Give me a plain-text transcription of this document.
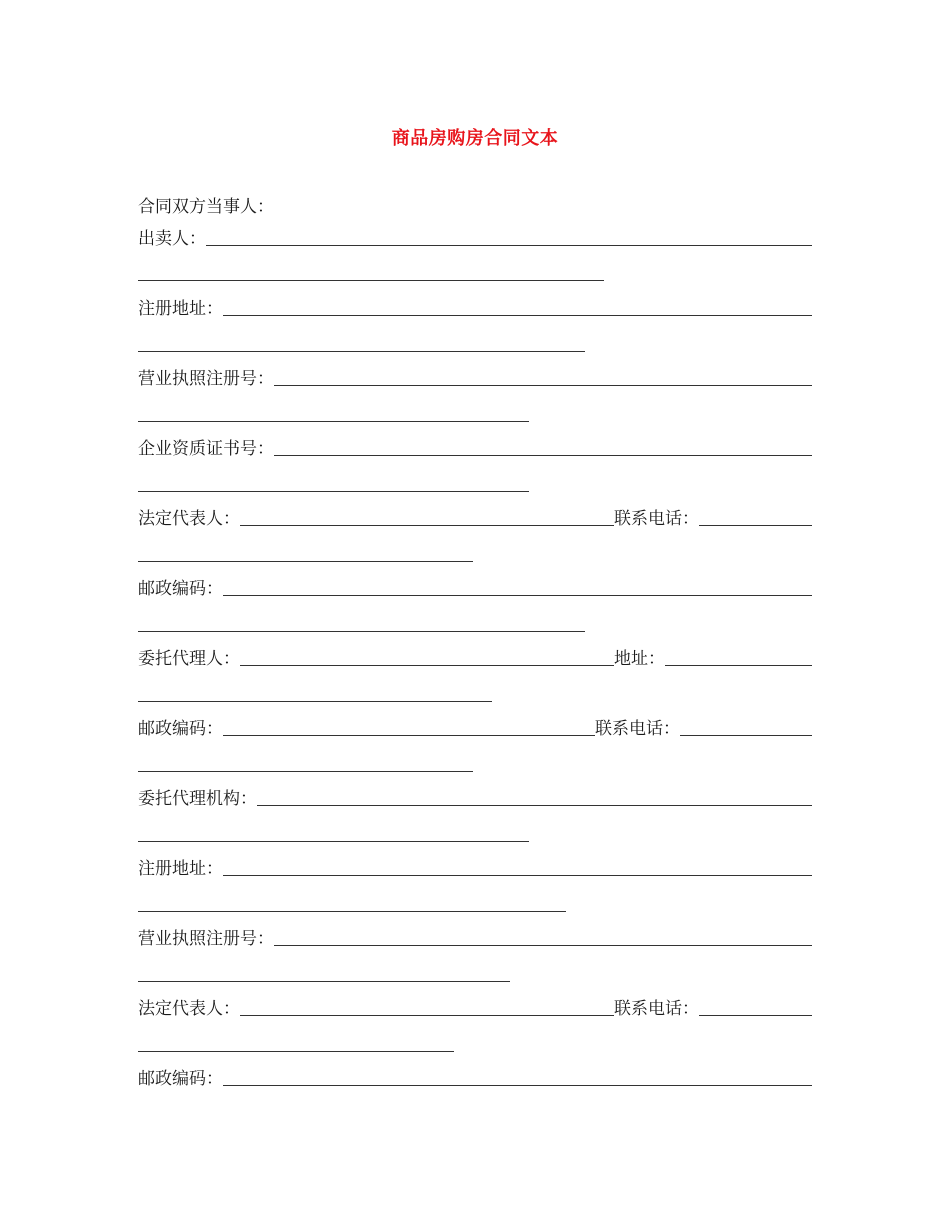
商品房购房合同文本
合同双方当事人：
出卖人：
注册地址：
营业执照注册号：
企业资质证书号：
法定代表人：	联系电话：
邮政编码：
委托代理人：	地址：
邮政编码：	联系电话：
委托代理机构：
注册地址：
营业执照注册号：
法定代表人：	联系电话：
邮政编码：
